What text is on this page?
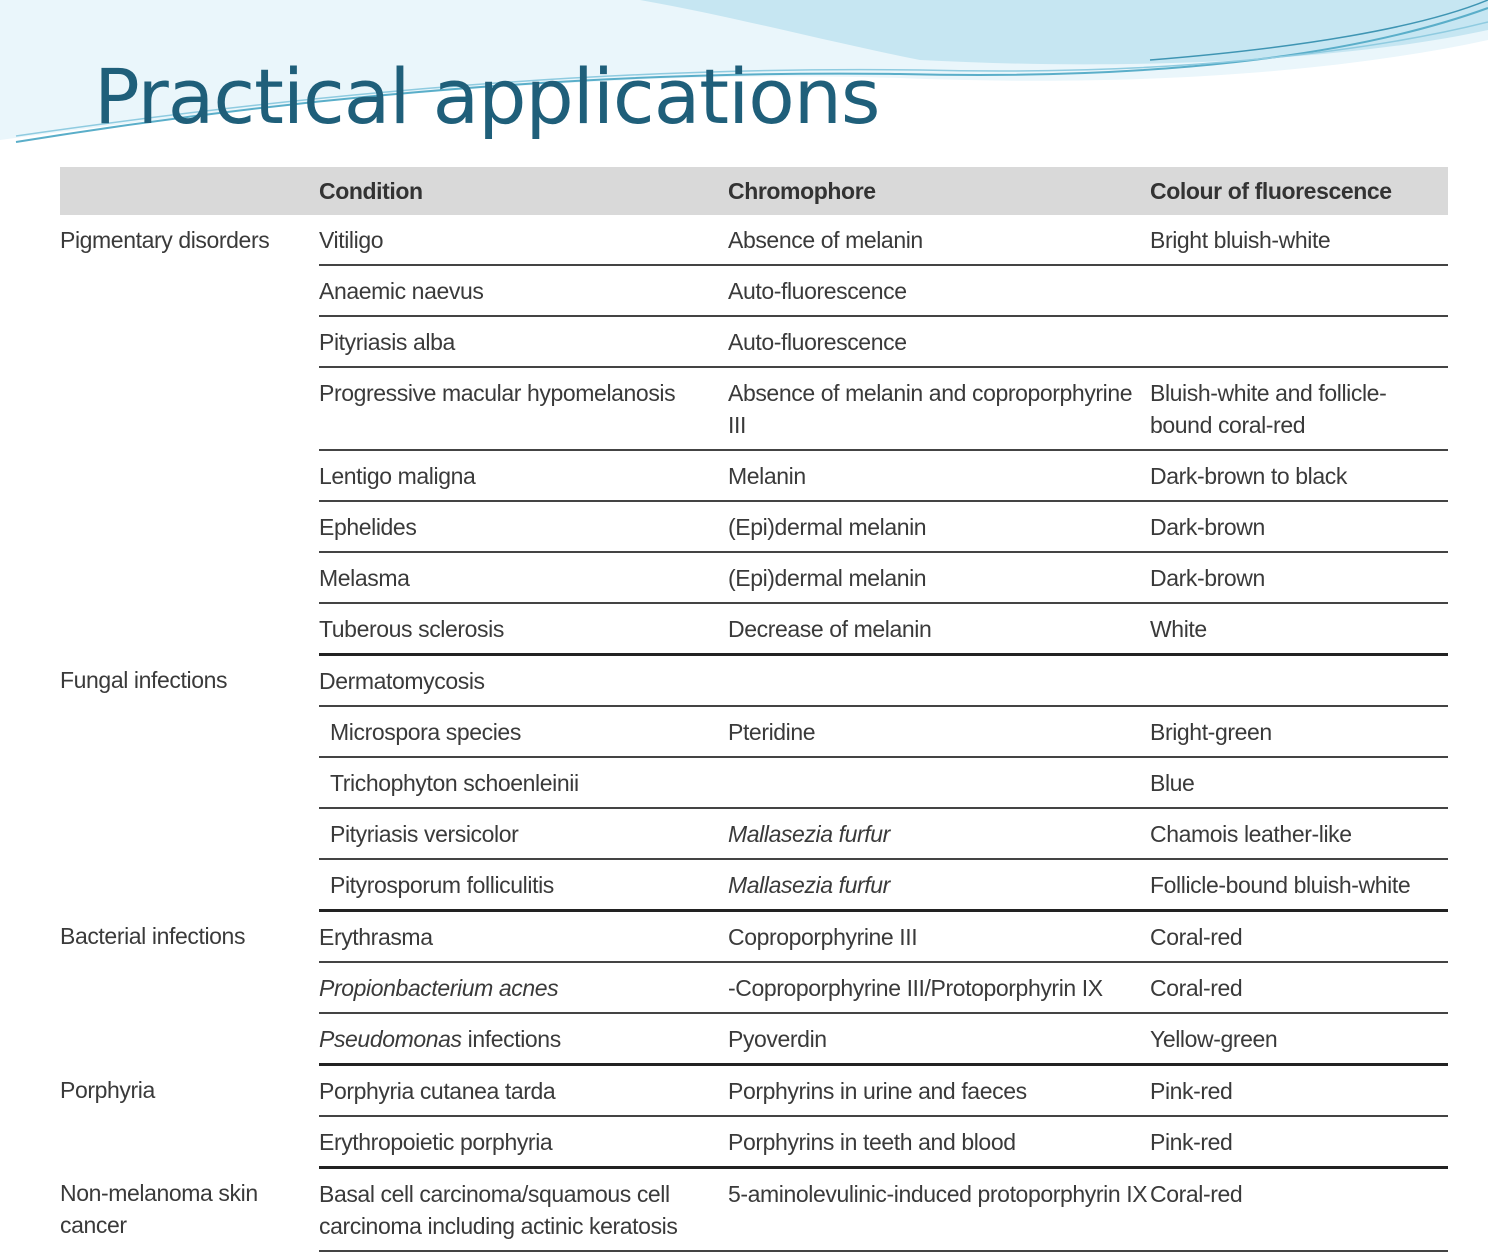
Practical applications
	Condition	Chromophore	Colour of fluorescence
Pigmentary disorders	Vitiligo	Absence of melanin	Bright bluish-white
	Anaemic naevus	Auto-fluorescence	
	Pityriasis alba	Auto-fluorescence	
	Progressive macular hypomelanosis	Absence of melanin and coproporphyrine III	Bluish-white and follicle-bound coral-red
	Lentigo maligna	Melanin	Dark-brown to black
	Ephelides	(Epi)dermal melanin	Dark-brown
	Melasma	(Epi)dermal melanin	Dark-brown
	Tuberous sclerosis	Decrease of melanin	White
Fungal infections	Dermatomycosis		
	Microspora species	Pteridine	Bright-green
	Trichophyton schoenleinii		Blue
	Pityriasis versicolor	Mallasezia furfur	Chamois leather-like
	Pityrosporum folliculitis	Mallasezia furfur	Follicle-bound bluish-white
Bacterial infections	Erythrasma	Coproporphyrine III	Coral-red
	Propionbacterium acnes	-Coproporphyrine III/Protoporphyrin IX	Coral-red
	Pseudomonas infections	Pyoverdin	Yellow-green
Porphyria	Porphyria cutanea tarda	Porphyrins in urine and faeces	Pink-red
	Erythropoietic porphyria	Porphyrins in teeth and blood	Pink-red
Non-melanoma skin cancer	Basal cell carcinoma/squamous cell carcinoma including actinic keratosis	5-aminolevulinic-induced protoporphyrin IX	Coral-red
